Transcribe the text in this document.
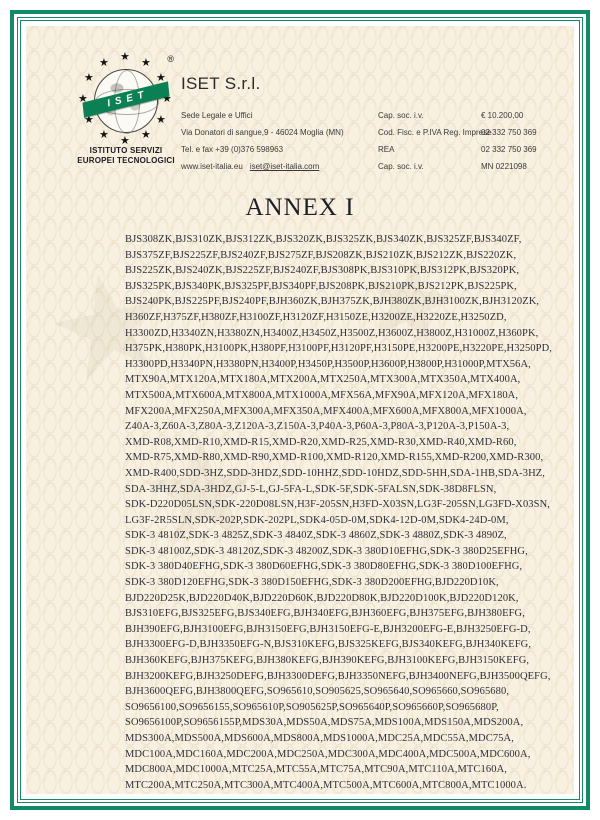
★
★
★
★
★
★
★
★
★
★
★
★
★
★
★
ISET
®
ISTITUTO SERVIZI
EUROPEI TECNOLOGICI
ISET S.r.l.
Sede Legale e Uffici
Via Donatori di sangue,9 - 46024 Moglia (MN)
Tel. e fax +39 (0)376 598963
www.iset-italia.eu iset@iset-italia.com
Cap. soc. i.v.
Cod. Fisc. e P.IVA Reg. Imprese
REA
Cap. soc. i.v.
€ 10.200,00
02 332 750 369
02 332 750 369
MN 0221098
ANNEX I
BJS308ZK,BJS310ZK,BJS312ZK,BJS320ZK,BJS325ZK,BJS340ZK,BJS325ZF,BJS340ZF,
BJS375ZF,BJS225ZF,BJS240ZF,BJS275ZF,BJS208ZK,BJS210ZK,BJS212ZK,BJS220ZK,
BJS225ZK,BJS240ZK,BJS225ZF,BJS240ZF,BJS308PK,BJS310PK,BJS312PK,BJS320PK,
BJS325PK,BJS340PK,BJS325PF,BJS340PF,BJS208PK,BJS210PK,BJS212PK,BJS225PK,
BJS240PK,BJS225PF,BJS240PF,BJH360ZK,BJH375ZK,BJH380ZK,BJH3100ZK,BJH3120ZK,
H360ZF,H375ZF,H380ZF,H3100ZF,H3120ZF,H3150ZE,H3200ZE,H3220ZE,H3250ZD,
H3300ZD,H3340ZN,H3380ZN,H3400Z,H3450Z,H3500Z,H3600Z,H3800Z,H31000Z,H360PK,
H375PK,H380PK,H3100PK,H380PF,H3100PF,H3120PF,H3150PE,H3200PE,H3220PE,H3250PD,
H3300PD,H3340PN,H3380PN,H3400P,H3450P,H3500P,H3600P,H3800P,H31000P,MTX56A,
MTX90A,MTX120A,MTX180A,MTX200A,MTX250A,MTX300A,MTX350A,MTX400A,
MTX500A,MTX600A,MTX800A,MTX1000A,MFX56A,MFX90A,MFX120A,MFX180A,
MFX200A,MFX250A,MFX300A,MFX350A,MFX400A,MFX600A,MFX800A,MFX1000A,
Z40A-3,Z60A-3,Z80A-3,Z120A-3,Z150A-3,P40A-3,P60A-3,P80A-3,P120A-3,P150A-3,
XMD-R08,XMD-R10,XMD-R15,XMD-R20,XMD-R25,XMD-R30,XMD-R40,XMD-R60,
XMD-R75,XMD-R80,XMD-R90,XMD-R100,XMD-R120,XMD-R155,XMD-R200,XMD-R300,
XMD-R400,SDD-3HZ,SDD-3HDZ,SDD-10HHZ,SDD-10HDZ,SDD-5HH,SDA-1HB,SDA-3HZ,
SDA-3HHZ,SDA-3HDZ,GJ-5-L,GJ-5FA-L,SDK-5F,SDK-5FALSN,SDK-38D8FLSN,
SDK-D220D05LSN,SDK-220D08LSN,H3F-205SN,H3FD-X03SN,LG3F-205SN,LG3FD-X03SN,
LG3F-2R5SLN,SDK-202P,SDK-202PL,SDK4-05D-0M,SDK4-12D-0M,SDK4-24D-0M,
SDK-3 4810Z,SDK-3 4825Z,SDK-3 4840Z,SDK-3 4860Z,SDK-3 4880Z,SDK-3 4890Z,
SDK-3 48100Z,SDK-3 48120Z,SDK-3 48200Z,SDK-3 380D10EFHG,SDK-3 380D25EFHG,
SDK-3 380D40EFHG,SDK-3 380D60EFHG,SDK-3 380D80EFHG,SDK-3 380D100EFHG,
SDK-3 380D120EFHG,SDK-3 380D150EFHG,SDK-3 380D200EFHG,BJD220D10K,
BJD220D25K,BJD220D40K,BJD220D60K,BJD220D80K,BJD220D100K,BJD220D120K,
BJS310EFG,BJS325EFG,BJS340EFG,BJH340EFG,BJH360EFG,BJH375EFG,BJH380EFG,
BJH390EFG,BJH3100EFG,BJH3150EFG,BJH3150EFG-E,BJH3200EFG-E,BJH3250EFG-D,
BJH3300EFG-D,BJH3350EFG-N,BJS310KEFG,BJS325KEFG,BJS340KEFG,BJH340KEFG,
BJH360KEFG,BJH375KEFG,BJH380KEFG,BJH390KEFG,BJH3100KEFG,BJH3150KEFG,
BJH3200KEFG,BJH3250DEFG,BJH3300DEFG,BJH3350NEFG,BJH3400NEFG,BJH3500QEFG,
BJH3600QEFG,BJH3800QEFG,SO965610,SO905625,SO965640,SO965660,SO965680,
SO9656100,SO9656155,SO965610P,SO905625P,SO965640P,SO965660P,SO965680P,
SO9656100P,SO9656155P,MDS30A,MDS50A,MDS75A,MDS100A,MDS150A,MDS200A,
MDS300A,MDS500A,MDS600A,MDS800A,MDS1000A,MDC25A,MDC55A,MDC75A,
MDC100A,MDC160A,MDC200A,MDC250A,MDC300A,MDC400A,MDC500A,MDC600A,
MDC800A,MDC1000A,MTC25A,MTC55A,MTC75A,MTC90A,MTC110A,MTC160A,
MTC200A,MTC250A,MTC300A,MTC400A,MTC500A,MTC600A,MTC800A,MTC1000A.
